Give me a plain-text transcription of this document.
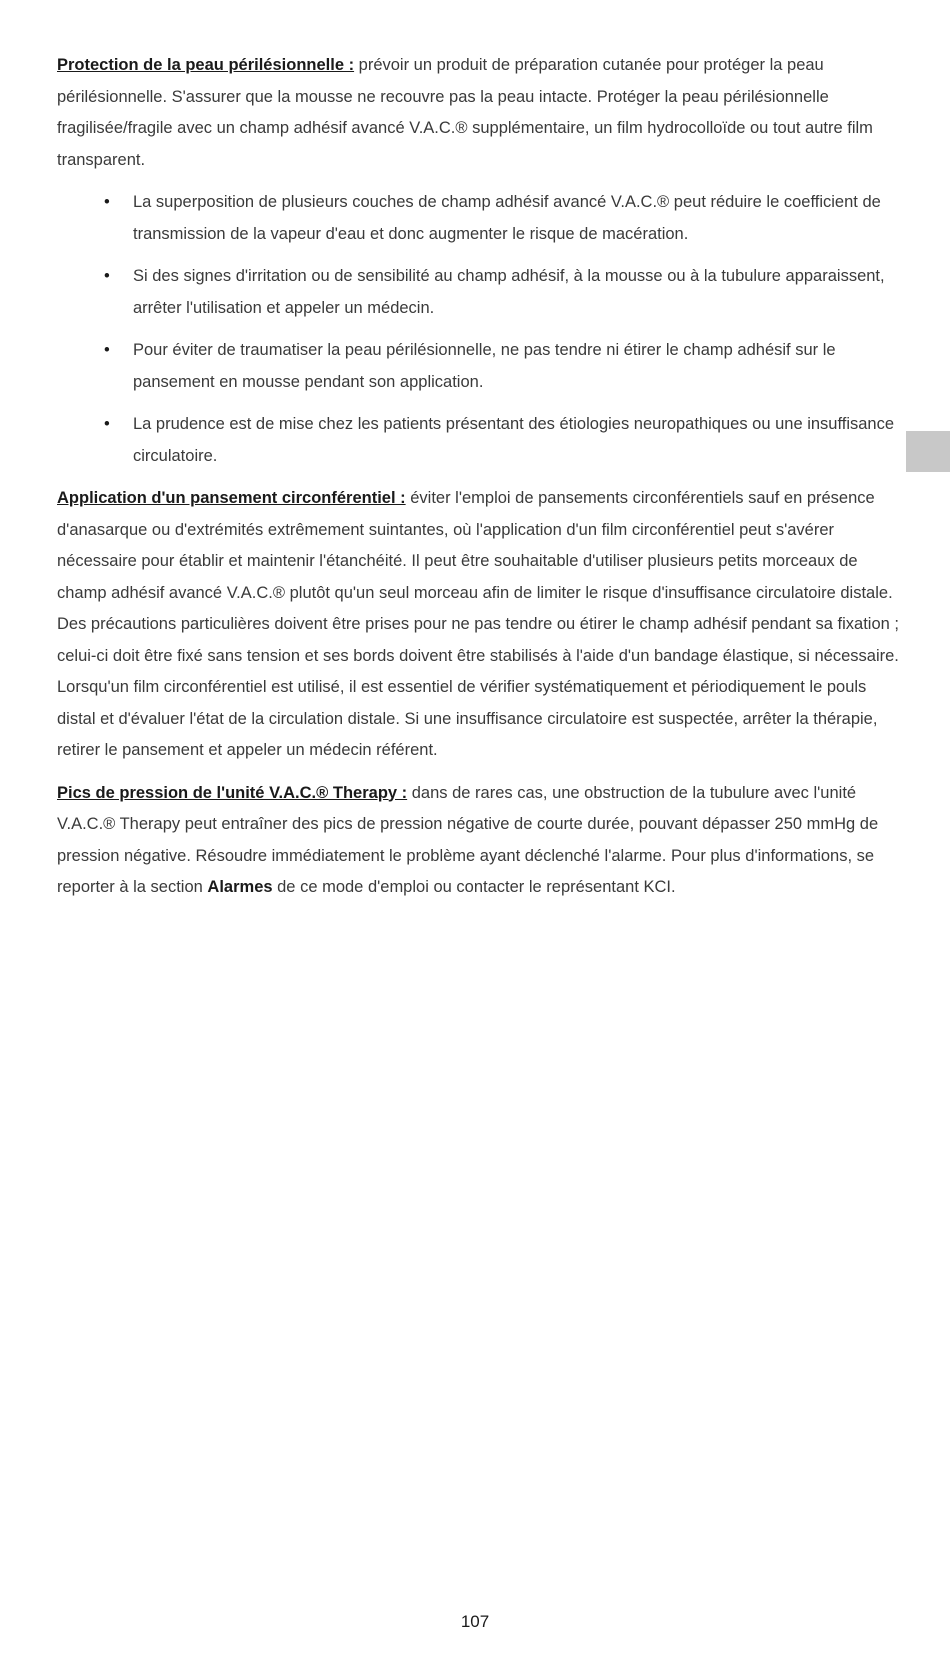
Protection de la peau périlésionnelle : prévoir un produit de préparation cutanée pour protéger la peau périlésionnelle. S'assurer que la mousse ne recouvre pas la peau intacte. Protéger la peau périlésionnelle fragilisée/fragile avec un champ adhésif avancé V.A.C.® supplémentaire, un film hydrocolloïde ou tout autre film transparent.

• La superposition de plusieurs couches de champ adhésif avancé V.A.C.® peut réduire le coefficient de transmission de la vapeur d'eau et donc augmenter le risque de macération.
• Si des signes d'irritation ou de sensibilité au champ adhésif, à la mousse ou à la tubulure apparaissent, arrêter l'utilisation et appeler un médecin.
• Pour éviter de traumatiser la peau périlésionnelle, ne pas tendre ni étirer le champ adhésif sur le pansement en mousse pendant son application.
• La prudence est de mise chez les patients présentant des étiologies neuropathiques ou une insuffisance circulatoire.

Application d'un pansement circonférentiel : éviter l'emploi de pansements circonférentiels sauf en présence d'anasarque ou d'extrémités extrêmement suintantes, où l'application d'un film circonférentiel peut s'avérer nécessaire pour établir et maintenir l'étanchéité. Il peut être souhaitable d'utiliser plusieurs petits morceaux de champ adhésif avancé V.A.C.® plutôt qu'un seul morceau afin de limiter le risque d'insuffisance circulatoire distale. Des précautions particulières doivent être prises pour ne pas tendre ou étirer le champ adhésif pendant sa fixation ; celui-ci doit être fixé sans tension et ses bords doivent être stabilisés à l'aide d'un bandage élastique, si nécessaire. Lorsqu'un film circonférentiel est utilisé, il est essentiel de vérifier systématiquement et périodiquement le pouls distal et d'évaluer l'état de la circulation distale. Si une insuffisance circulatoire est suspectée, arrêter la thérapie, retirer le pansement et appeler un médecin référent.

Pics de pression de l'unité V.A.C.® Therapy : dans de rares cas, une obstruction de la tubulure avec l'unité V.A.C.® Therapy peut entraîner des pics de pression négative de courte durée, pouvant dépasser 250 mmHg de pression négative. Résoudre immédiatement le problème ayant déclenché l'alarme. Pour plus d'informations, se reporter à la section Alarmes de ce mode d'emploi ou contacter le représentant KCI.

107
